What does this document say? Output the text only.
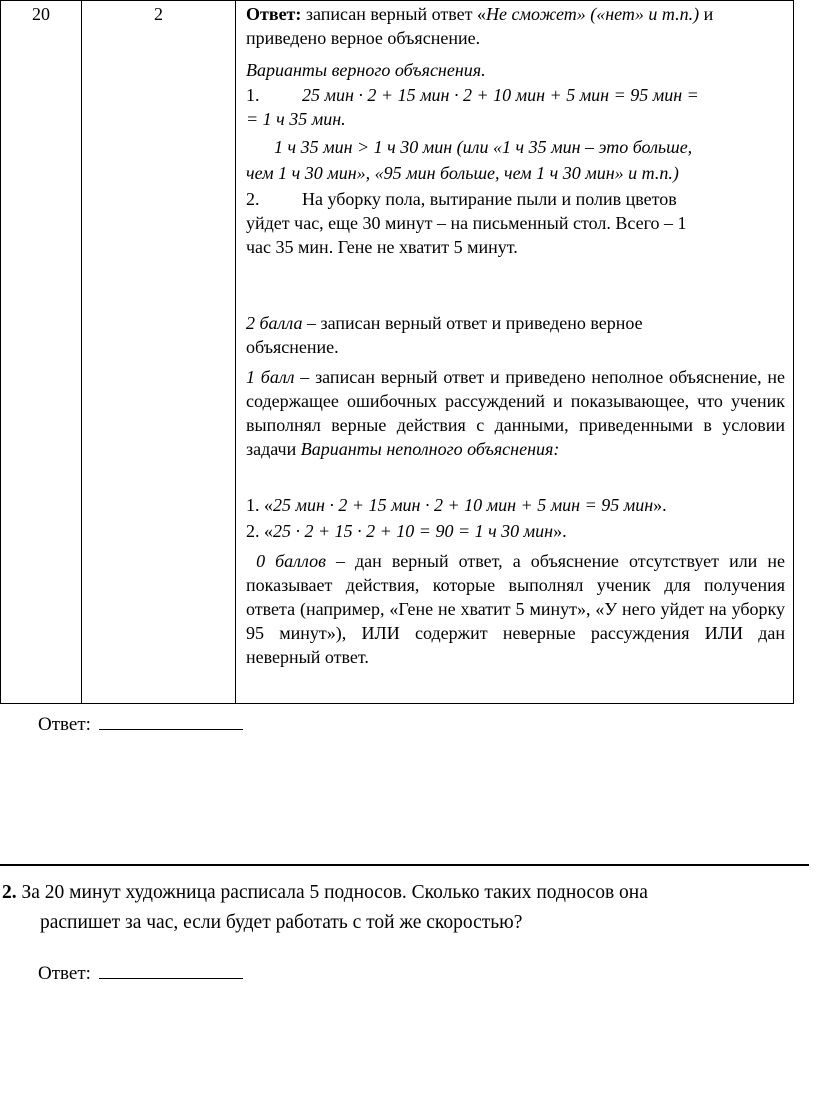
20	2	Ответ: записан верный ответ «Не сможет» («нет» и т.п.) и

приведено верное объяснение.

Варианты верного объяснения.

1. 25 мин · 2 + 15 мин · 2 + 10 мин + 5 мин = 95 мин =

= 1 ч 35 мин.

1 ч 35 мин > 1 ч 30 мин (или «1 ч 35 мин – это больше,

чем 1 ч 30 мин», «95 мин больше, чем 1 ч 30 мин» и т.п.)

2. На уборку пола, вытирание пыли и полив цветов

уйдет час, еще 30 минут – на письменный стол. Всего – 1

час 35 мин. Гене не хватит 5 минут.

2 балла – записан верный ответ и приведено верное

объяснение.

1 балл – записан верный ответ и приведено неполное объяснение, не содержащее ошибочных рассуждений и показывающее, что ученик выполнял верные действия с данными, приведенными в условии задачи Варианты неполного объяснения:

1. «25 мин · 2 + 15 мин · 2 + 10 мин + 5 мин = 95 мин».

2. «25 · 2 + 15 · 2 + 10 = 90 = 1 ч 30 мин».

0 баллов – дан верный ответ, а объяснение отсутствует или не показывает действия, которые выполнял ученик для получения ответа (например, «Гене не хватит 5 минут», «У него уйдет на уборку 95 минут»), ИЛИ содержит неверные рассуждения ИЛИ дан неверный ответ.

Ответ:
2. За 20 минут художница расписала 5 подносов. Сколько таких подносов она
распишет за час, если будет работать с той же скоростью?
Ответ:
